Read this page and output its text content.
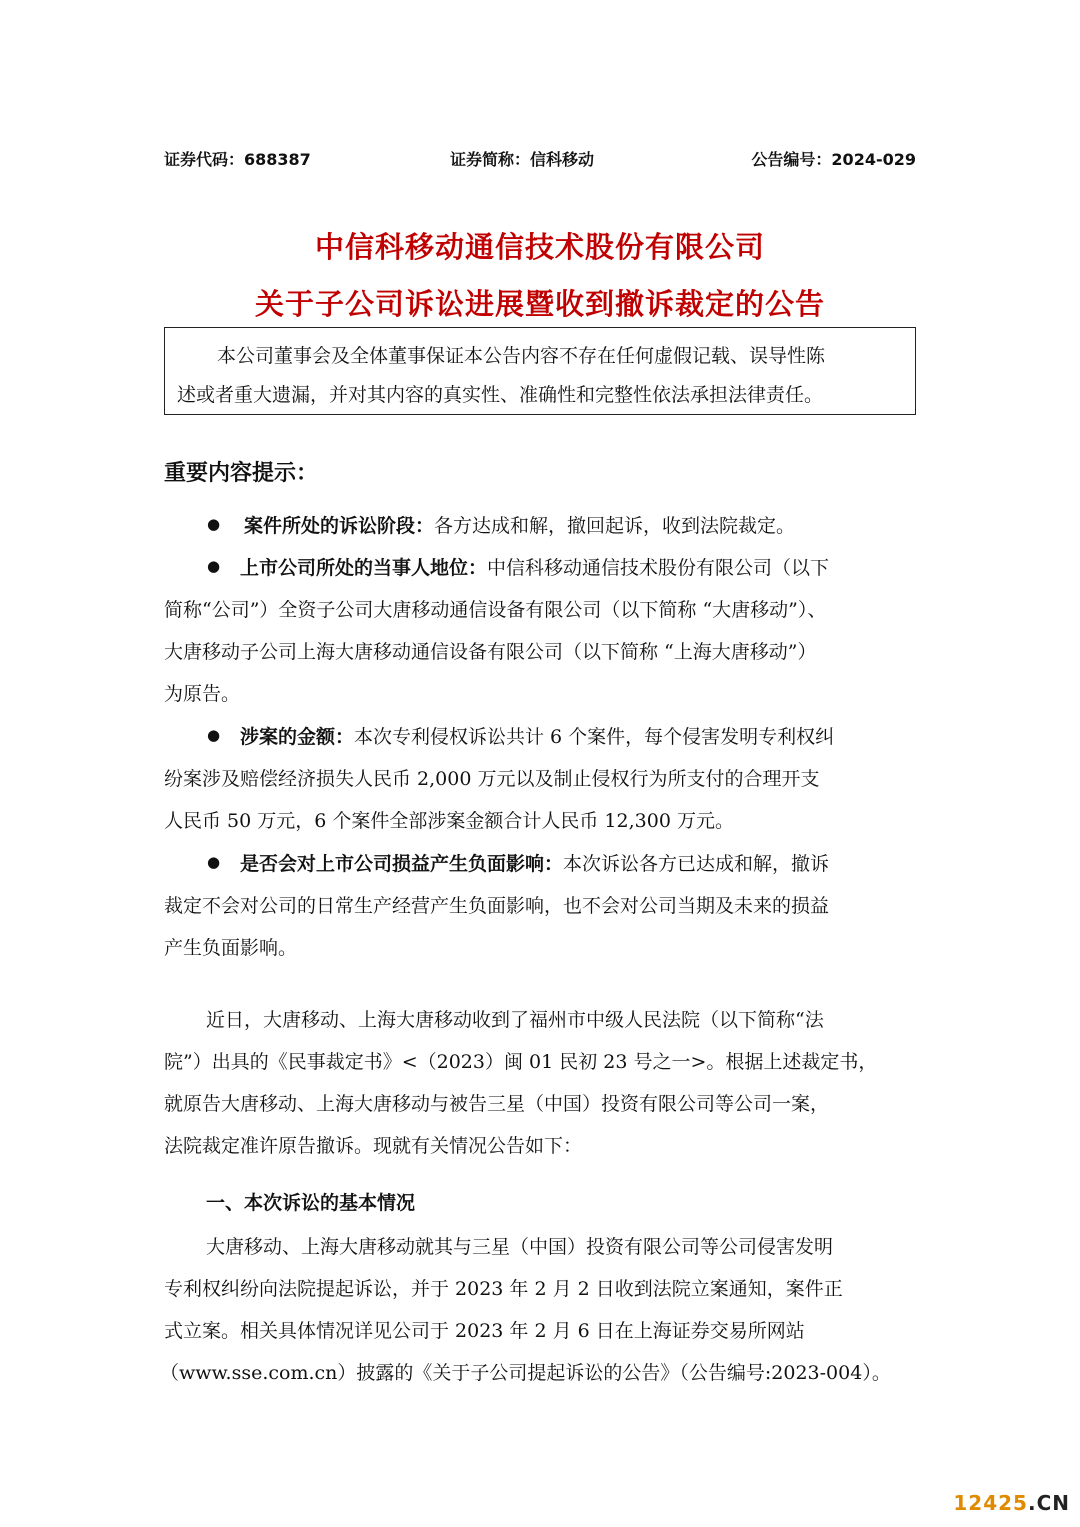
证券代码：688387	证券简称：信科移动	公告编号：2024-029
中信科移动通信技术股份有限公司
关于子公司诉讼进展暨收到撤诉裁定的公告

本公司董事会及全体董事保证本公告内容不存在任何虚假记载、误导性陈

述或者重大遗漏，并对其内容的真实性、准确性和完整性依法承担法律责任。

重要内容提示：
● 案件所处的诉讼阶段：各方达成和解，撤回起诉，收到法院裁定。
● 上市公司所处的当事人地位：中信科移动通信技术股份有限公司（以下
简称“公司”）全资子公司大唐移动通信设备有限公司（以下简称 “大唐移动”）、
大唐移动子公司上海大唐移动通信设备有限公司（以下简称 “上海大唐移动”）
为原告。
● 涉案的金额：本次专利侵权诉讼共计 6 个案件，每个侵害发明专利权纠
纷案涉及赔偿经济损失人民币 2,000 万元以及制止侵权行为所支付的合理开支
人民币 50 万元，6 个案件全部涉案金额合计人民币 12,300 万元。
● 是否会对上市公司损益产生负面影响：本次诉讼各方已达成和解，撤诉
裁定不会对公司的日常生产经营产生负面影响，也不会对公司当期及未来的损益
产生负面影响。
近日，大唐移动、上海大唐移动收到了福州市中级人民法院（以下简称“法
院”）出具的《民事裁定书》<（2023）闽 01 民初 23 号之一>。根据上述裁定书，
就原告大唐移动、上海大唐移动与被告三星（中国）投资有限公司等公司一案，
法院裁定准许原告撤诉。现就有关情况公告如下：
一、本次诉讼的基本情况
大唐移动、上海大唐移动就其与三星（中国）投资有限公司等公司侵害发明
专利权纠纷向法院提起诉讼，并于 2023 年 2 月 2 日收到法院立案通知，案件正
式立案。相关具体情况详见公司于 2023 年 2 月 6 日在上海证券交易所网站
（www.sse.com.cn）披露的《关于子公司提起诉讼的公告》（公告编号:2023-004）。
12425.CN
